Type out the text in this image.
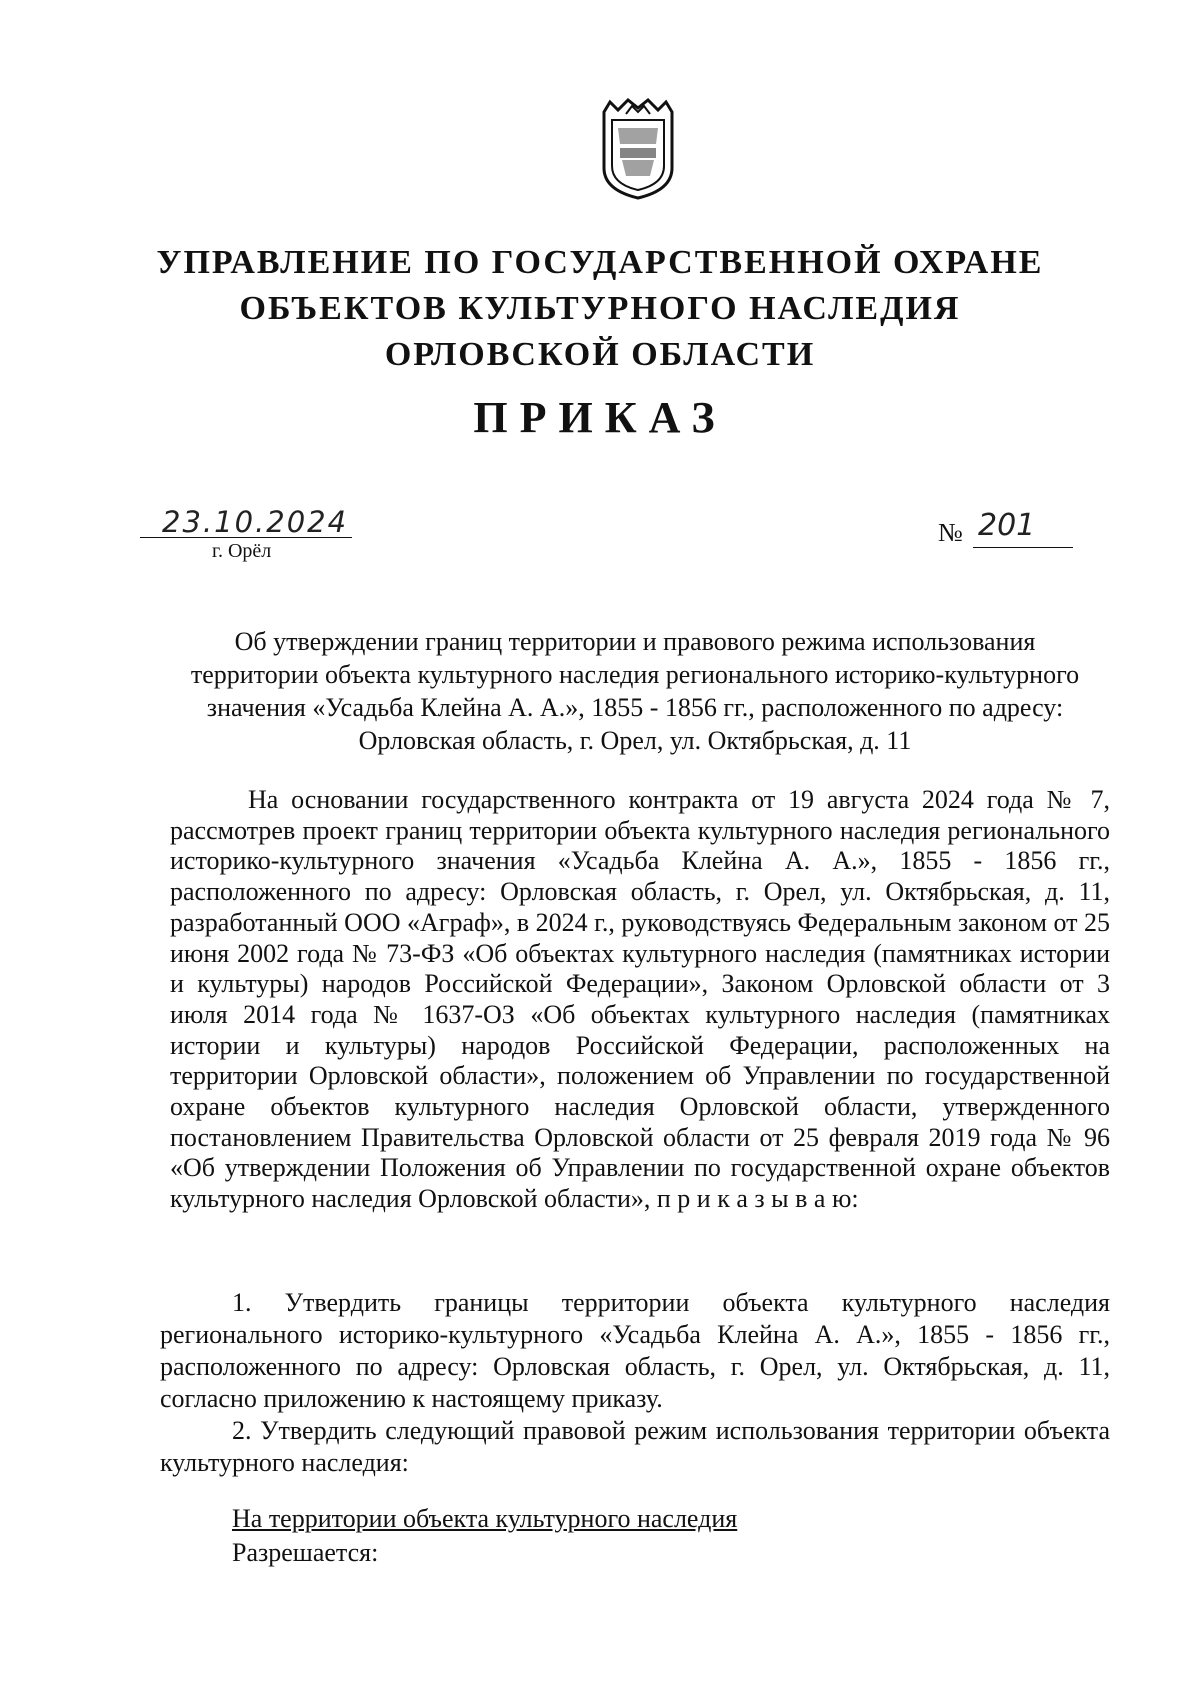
УПРАВЛЕНИЕ ПО ГОСУДАРСТВЕННОЙ ОХРАНЕ
ОБЪЕКТОВ КУЛЬТУРНОГО НАСЛЕДИЯ
ОРЛОВСКОЙ ОБЛАСТИ
ПРИКАЗ
23.10.2024
г. Орёл
№ 201
Об утверждении границ территории и правового режима использования
территории объекта культурного наследия регионального историко-культурного
значения «Усадьба Клейна А. А.», 1855 - 1856 гг., расположенного по адресу:
Орловская область, г. Орел, ул. Октябрьская, д. 11
На основании государственного контракта от 19 августа 2024 года № 7, рассмотрев проект границ территории объекта культурного наследия регионального историко-культурного значения «Усадьба Клейна А. А.», 1855 - 1856 гг., расположенного по адресу: Орловская область, г. Орел, ул. Октябрьская, д. 11, разработанный ООО «Аграф», в 2024 г., руководствуясь Федеральным законом от 25 июня 2002 года № 73-ФЗ «Об объектах культурного наследия (памятниках истории и культуры) народов Российской Федерации», Законом Орловской области от 3 июля 2014 года № 1637-ОЗ «Об объектах культурного наследия (памятниках истории и культуры) народов Российской Федерации, расположенных на территории Орловской области», положением об Управлении по государственной охране объектов культурного наследия Орловской области, утвержденного постановлением Правительства Орловской области от 25 февраля 2019 года № 96 «Об утверждении Положения об Управлении по государственной охране объектов культурного наследия Орловской области», п р и к а з ы в а ю:
1. Утвердить границы территории объекта культурного наследия регионального историко-культурного «Усадьба Клейна А. А.», 1855 - 1856 гг., расположенного по адресу: Орловская область, г. Орел, ул. Октябрьская, д. 11, согласно приложению к настоящему приказу.
2. Утвердить следующий правовой режим использования территории объекта культурного наследия:
На территории объекта культурного наследия
Разрешается:
